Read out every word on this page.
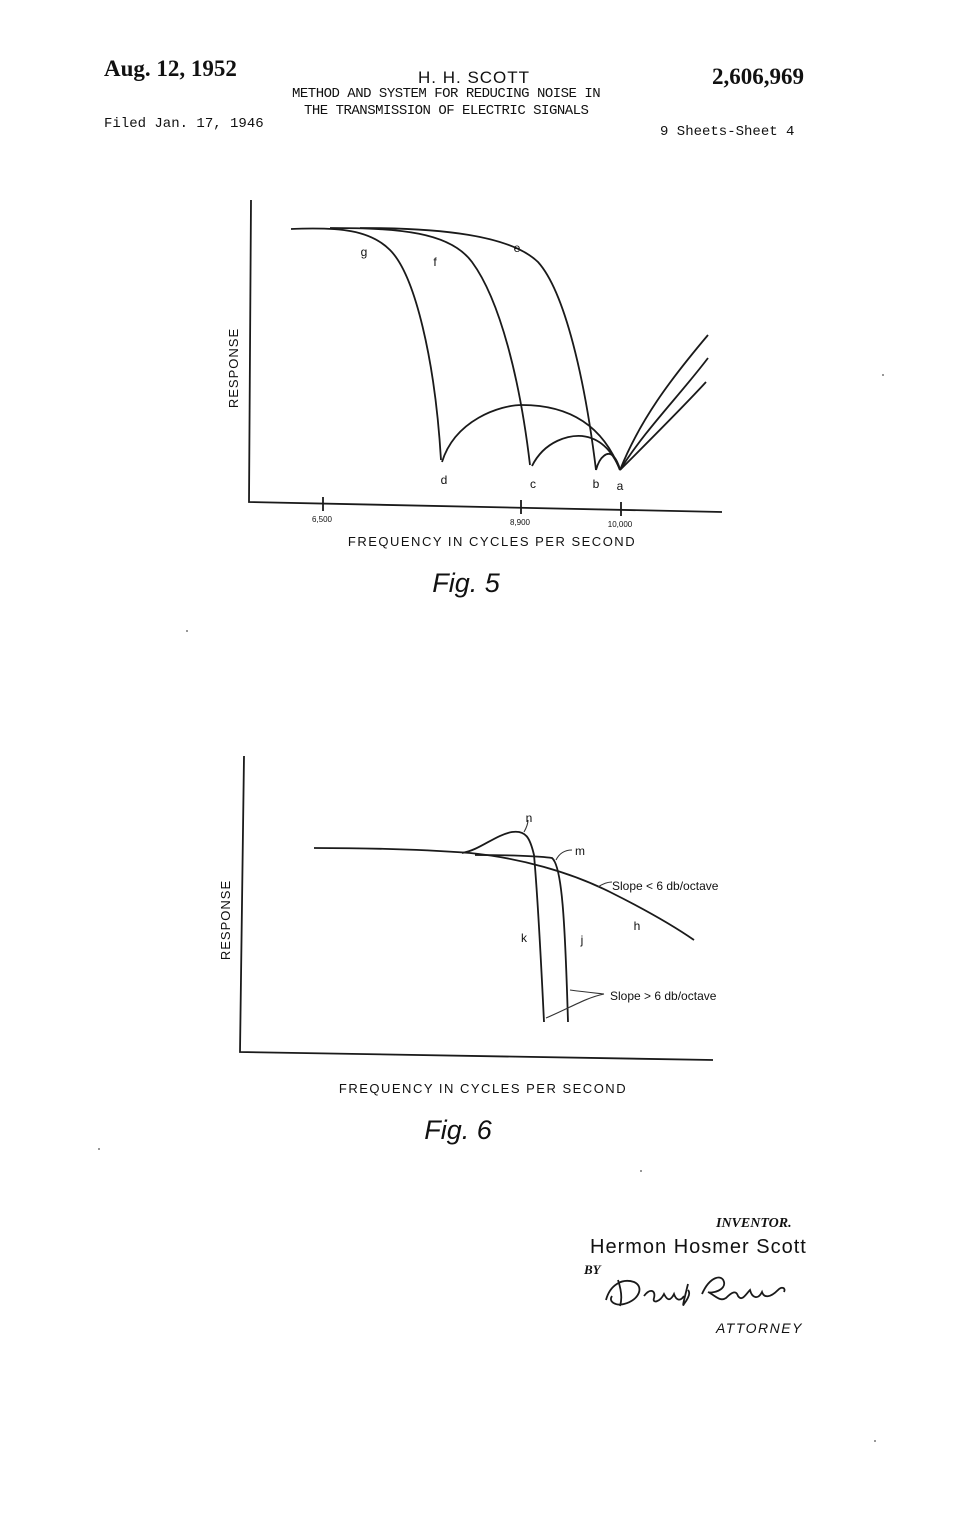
Aug. 12, 1952	H. H. SCOTT	2,606,969
METHOD AND SYSTEM FOR REDUCING NOISE IN
THE TRANSMISSION OF ELECTRIC SIGNALS
Filed Jan. 17, 1946	9 Sheets-Sheet 4
RESPONSE
FREQUENCY IN CYCLES PER SECOND
6,500	8,900	10,000
g
f
e
d	c	b a
Fig. 5
RESPONSE
FREQUENCY IN CYCLES PER SECOND
n
m
h
k	j
Slope < 6 db/octave
Slope > 6 db/octave
Fig. 6
INVENTOR.
Hermon Hosmer Scott
BY
ATTORNEY
